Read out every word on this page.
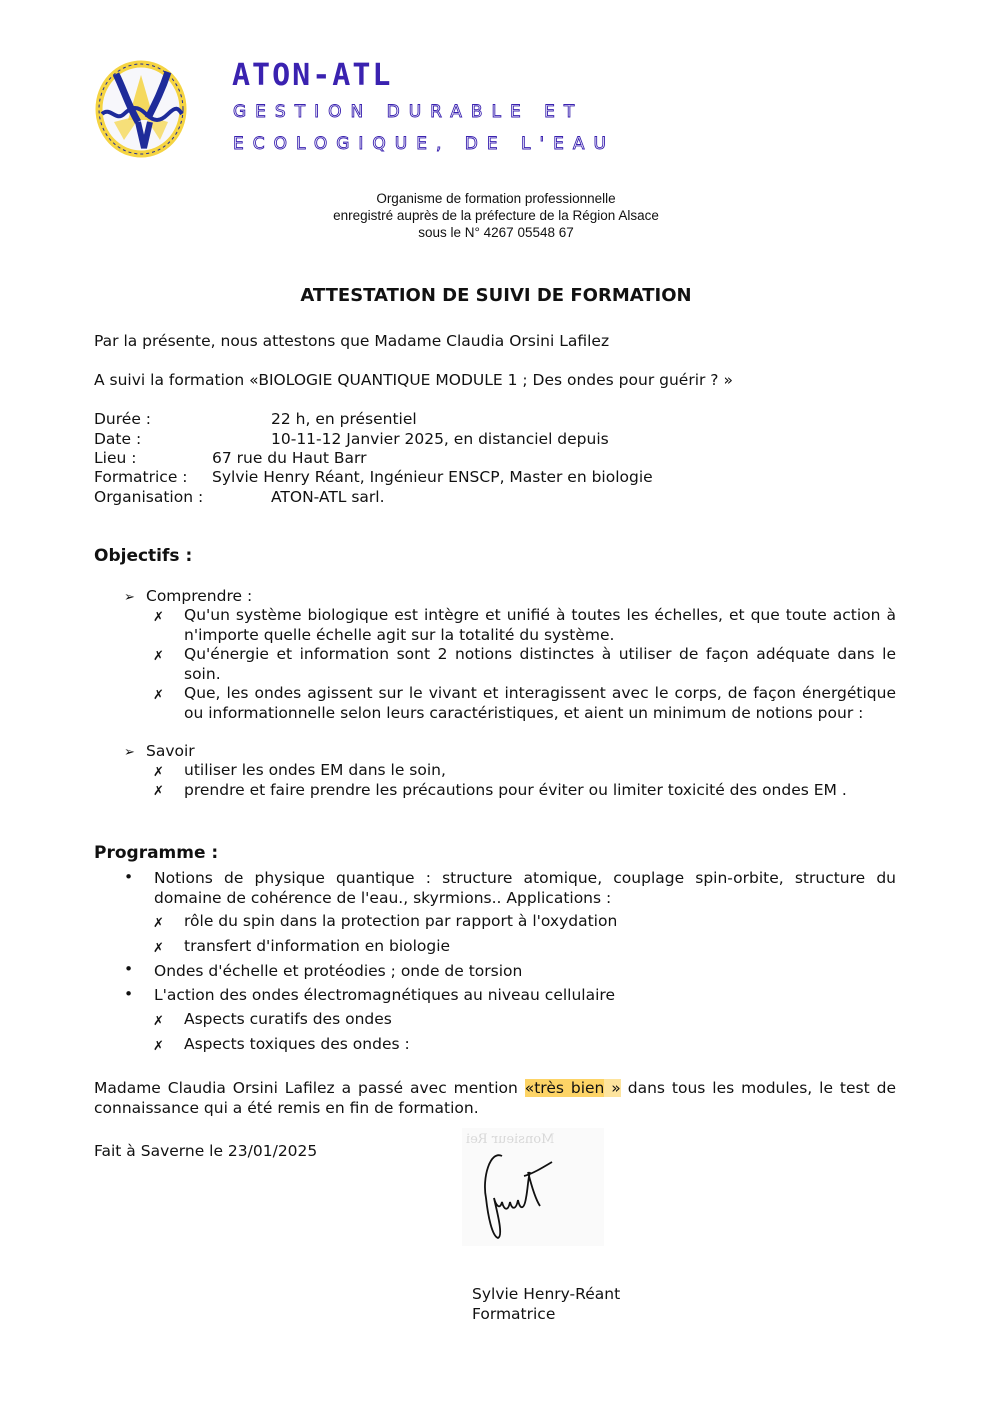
ATON-ATL
GESTION DURABLE ET
ECOLOGIQUE, DE L'EAU
Organisme de formation professionnelle
enregistré auprès de la préfecture de la Région Alsace
sous le N° 4267 05548 67
ATTESTATION DE SUIVI DE FORMATION
Par la présente, nous attestons que Madame Claudia Orsini Lafilez
A suivi la formation «BIOLOGIE QUANTIQUE MODULE 1 ; Des ondes pour guérir ? »
Durée :	22 h, en présentiel
Date :	10-11-12 Janvier 2025, en distanciel depuis
Lieu :	67 rue du Haut Barr
Formatrice : Sylvie Henry Réant, Ingénieur ENSCP, Master en biologie
Organisation :	ATON-ATL sarl.
Objectifs :
➢ Comprendre :
✗ Qu'un système biologique est intègre et unifié à toutes les échelles, et que toute action à n'importe quelle échelle agit sur la totalité du système.
✗ Qu'énergie et information sont 2 notions distinctes à utiliser de façon adéquate dans le soin.
✗ Que, les ondes agissent sur le vivant et interagissent avec le corps, de façon énergétique ou informationnelle selon leurs caractéristiques, et aient un minimum de notions pour :
➢ Savoir
✗ utiliser les ondes EM dans le soin,
✗ prendre et faire prendre les précautions pour éviter ou limiter toxicité des ondes EM .
Programme :
• Notions de physique quantique : structure atomique, couplage spin-orbite, structure du domaine de cohérence de l'eau., skyrmions.. Applications :
✗ rôle du spin dans la protection par rapport à l'oxydation
✗ transfert d'information en biologie
• Ondes d'échelle et protéodies ; onde de torsion
• L'action des ondes électromagnétiques au niveau cellulaire
✗ Aspects curatifs des ondes
✗ Aspects toxiques des ondes :
Madame Claudia Orsini Lafilez a passé avec mention «très bien » dans tous les modules, le test de connaissance qui a été remis en fin de formation.
Fait à Saverne le 23/01/2025
Monsieur Rei
Sylvie Henry-Réant
Formatrice
